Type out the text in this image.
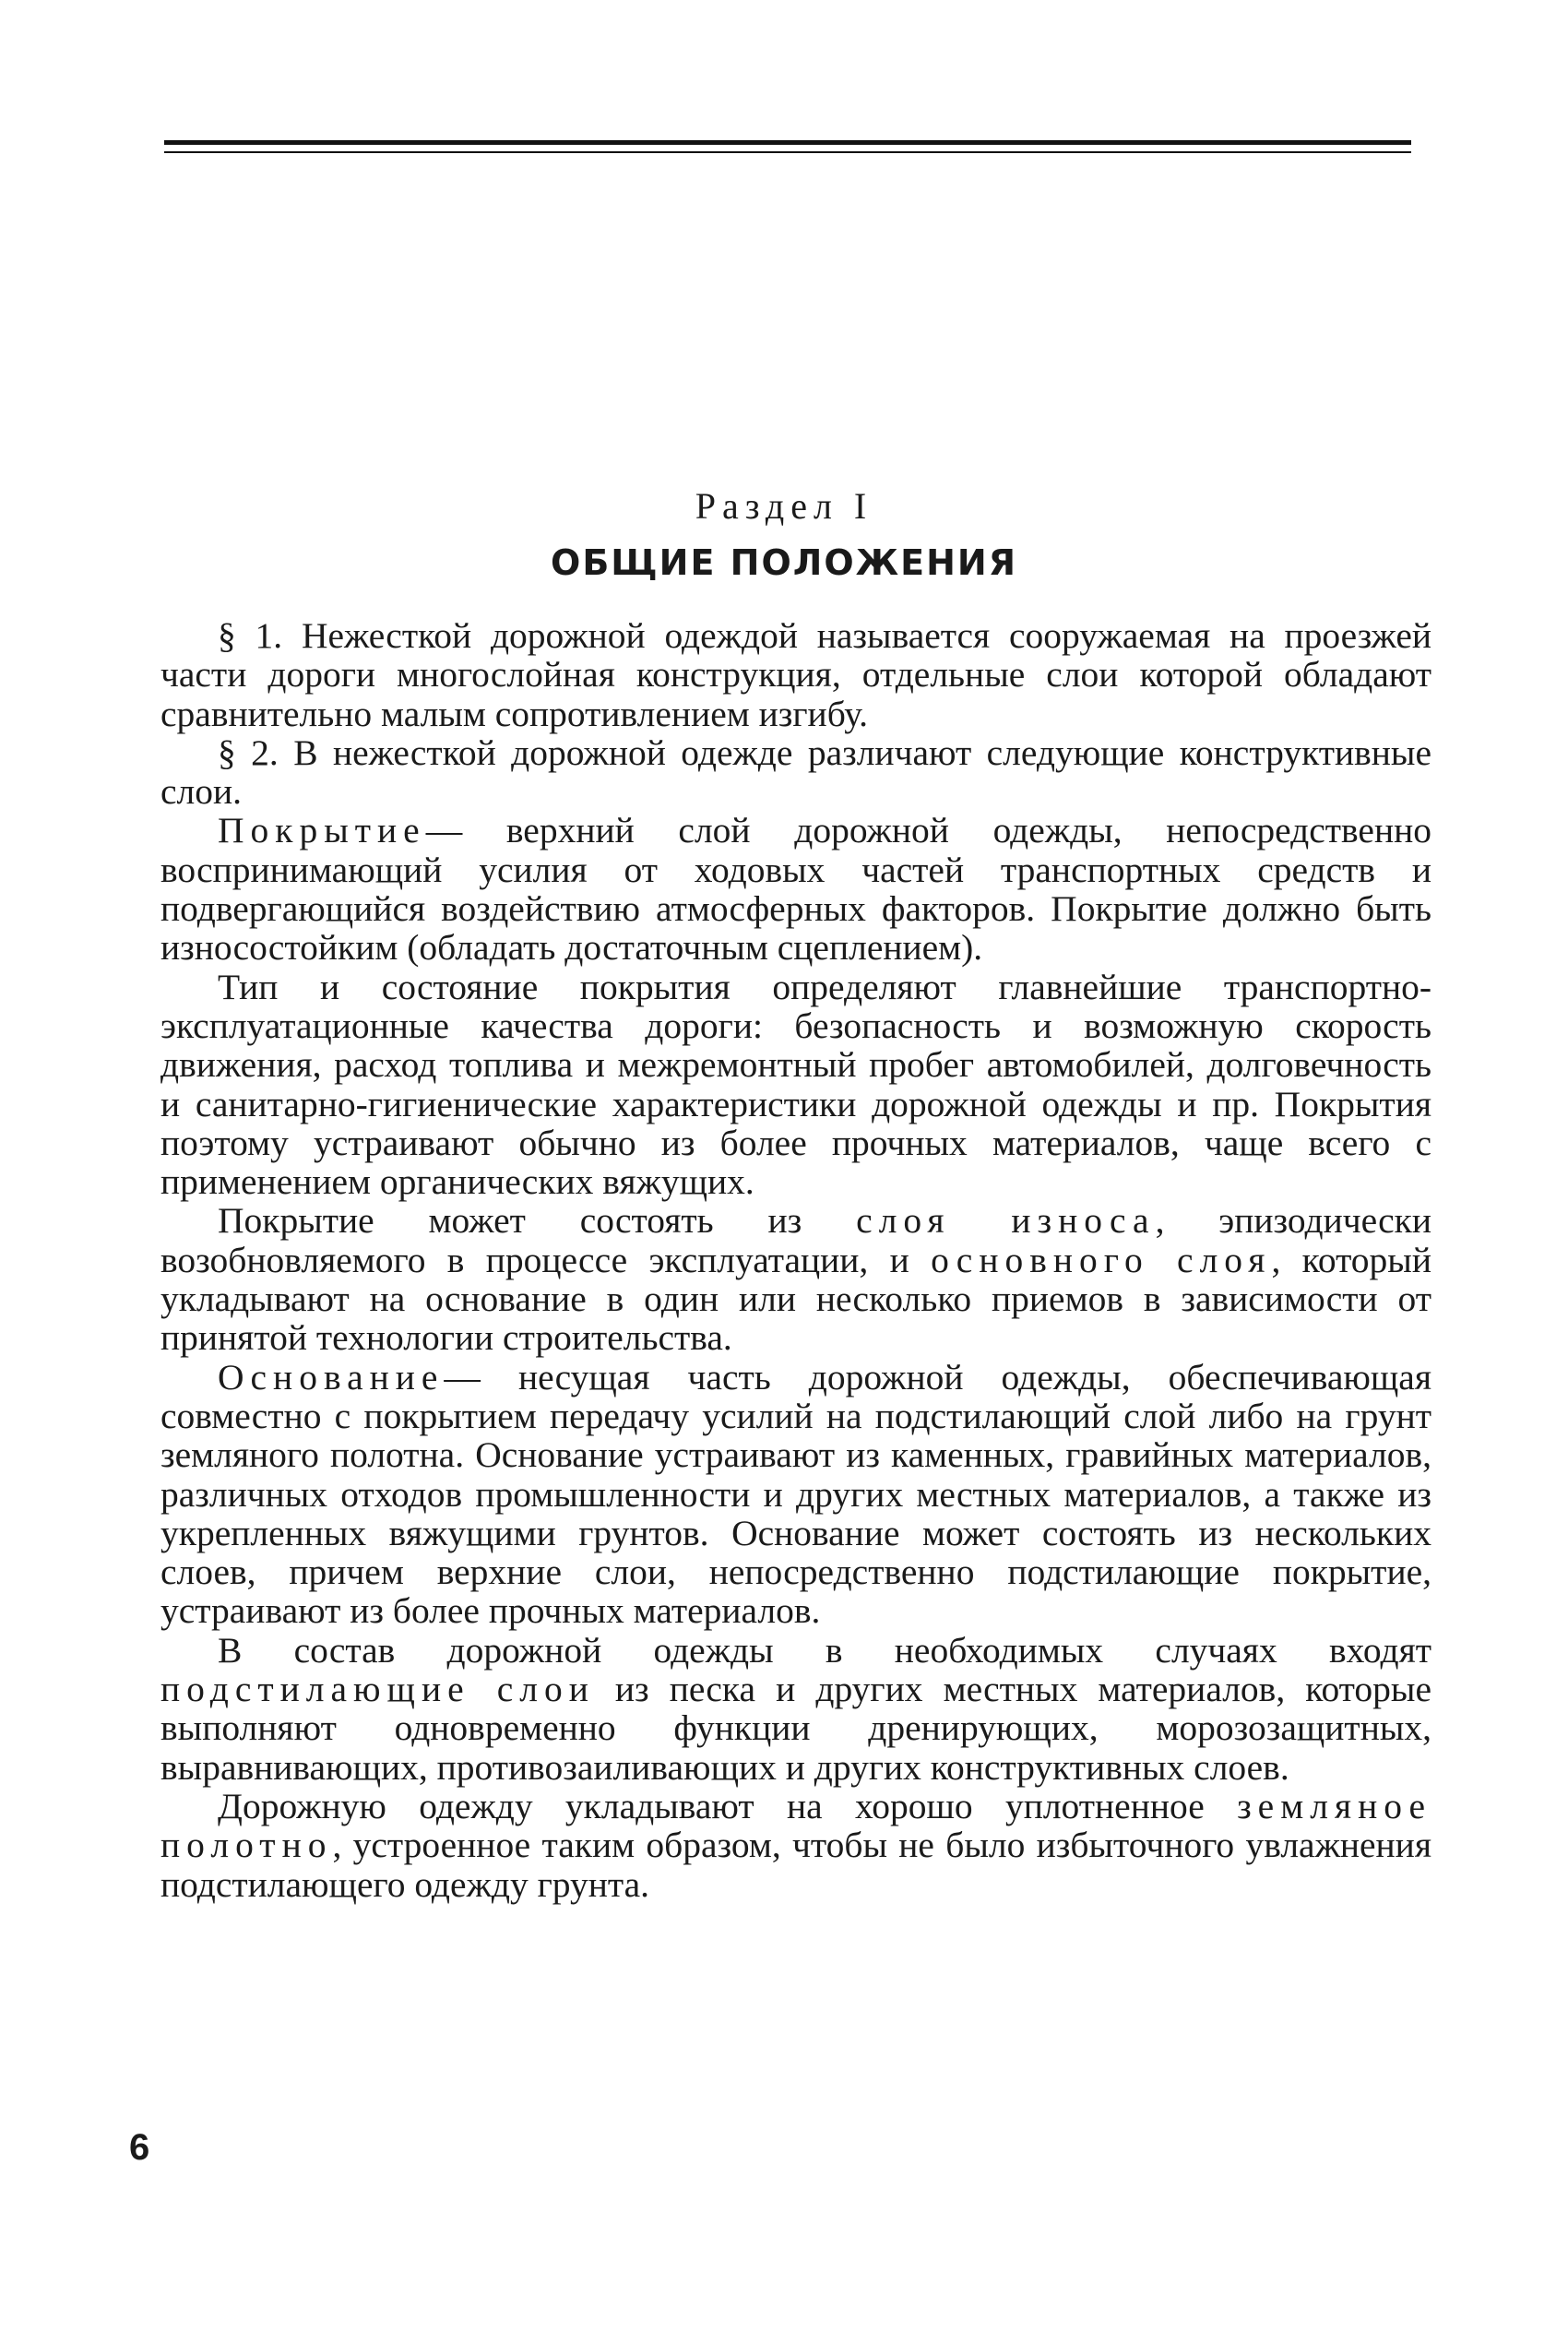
Раздел I
ОБЩИЕ ПОЛОЖЕНИЯ

§ 1. Нежесткой дорожной одеждой называется сооружаемая на проезжей части дороги многослойная конструкция, отдельные слои которой обладают сравнительно малым сопротивлением изгибу.

§ 2. В нежесткой дорожной одежде различают следующие конструктивные слои.

Покрытие— верхний слой дорожной одежды, непосредственно воспринимающий усилия от ходовых частей транспортных средств и подвергающийся воздействию атмосферных факторов. Покрытие должно быть износостойким (обладать достаточным сцеплением).

Тип и состояние покрытия определяют главнейшие транспортно-эксплуатационные качества дороги: безопасность и возможную скорость движения, расход топлива и межремонтный пробег автомобилей, долговечность и санитарно-гигиенические характеристики дорожной одежды и пр. Покрытия поэтому устраивают обычно из более прочных материалов, чаще всего с применением органических вяжущих.

Покрытие может состоять из слоя износа, эпизодически возобновляемого в процессе эксплуатации, и основного слоя, который укладывают на основание в один или несколько приемов в зависимости от принятой технологии строительства.

Основание— несущая часть дорожной одежды, обеспечивающая совместно с покрытием передачу усилий на подстилающий слой либо на грунт земляного полотна. Основание устраивают из каменных, гравийных материалов, различных отходов промышленности и других местных материалов, а также из укрепленных вяжущими грунтов. Основание может состоять из нескольких слоев, причем верхние слои, непосредственно подстилающие покрытие, устраивают из более прочных материалов.

В состав дорожной одежды в необходимых случаях входят подстилающие слои из песка и других местных материалов, которые выполняют одновременно функции дренирующих, морозозащитных, выравнивающих, противозаиливающих и других конструктивных слоев.

Дорожную одежду укладывают на хорошо уплотненное земляное полотно, устроенное таким образом, чтобы не было избыточного увлажнения подстилающего одежду грунта.

6
